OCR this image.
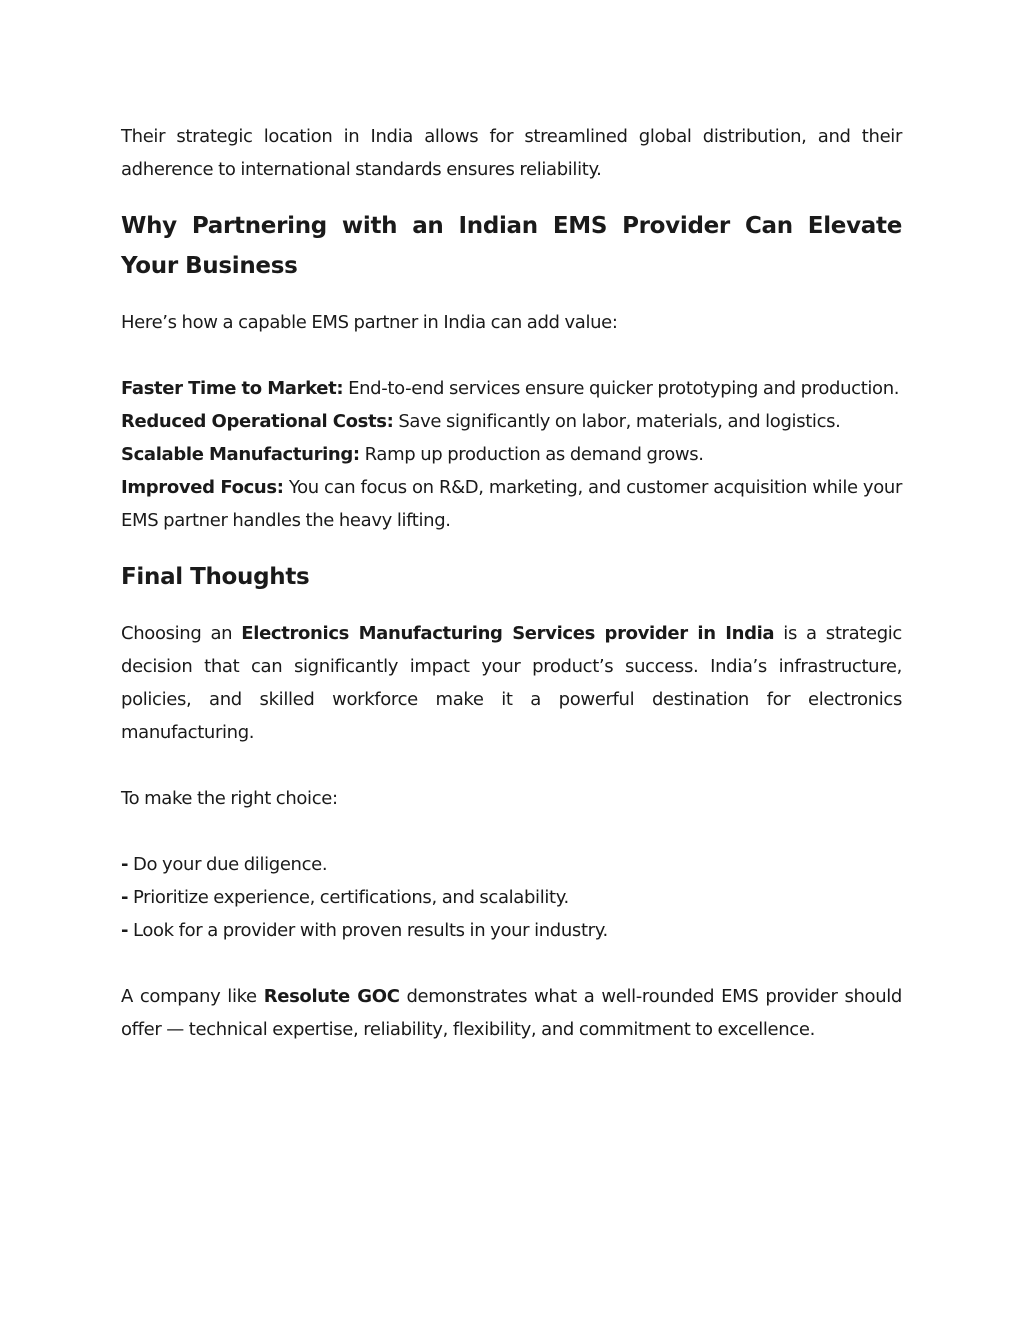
Their strategic location in India allows for streamlined global distribution, and their adherence to international standards ensures reliability.

Why Partnering with an Indian EMS Provider Can Elevate Your Business

Here’s how a capable EMS partner in India can add value:

Faster Time to Market: End-to-end services ensure quicker prototyping and production.

Reduced Operational Costs: Save significantly on labor, materials, and logistics.

Scalable Manufacturing: Ramp up production as demand grows.

Improved Focus: You can focus on R&D, marketing, and customer acquisition while your EMS partner handles the heavy lifting.

Final Thoughts

Choosing an Electronics Manufacturing Services provider in India is a strategic decision that can significantly impact your product’s success. India’s infrastructure, policies, and skilled workforce make it a powerful destination for electronics manufacturing.

To make the right choice:

- Do your due diligence.

- Prioritize experience, certifications, and scalability.

- Look for a provider with proven results in your industry.

A company like Resolute GOC demonstrates what a well-rounded EMS provider should offer — technical expertise, reliability, flexibility, and commitment to excellence.
